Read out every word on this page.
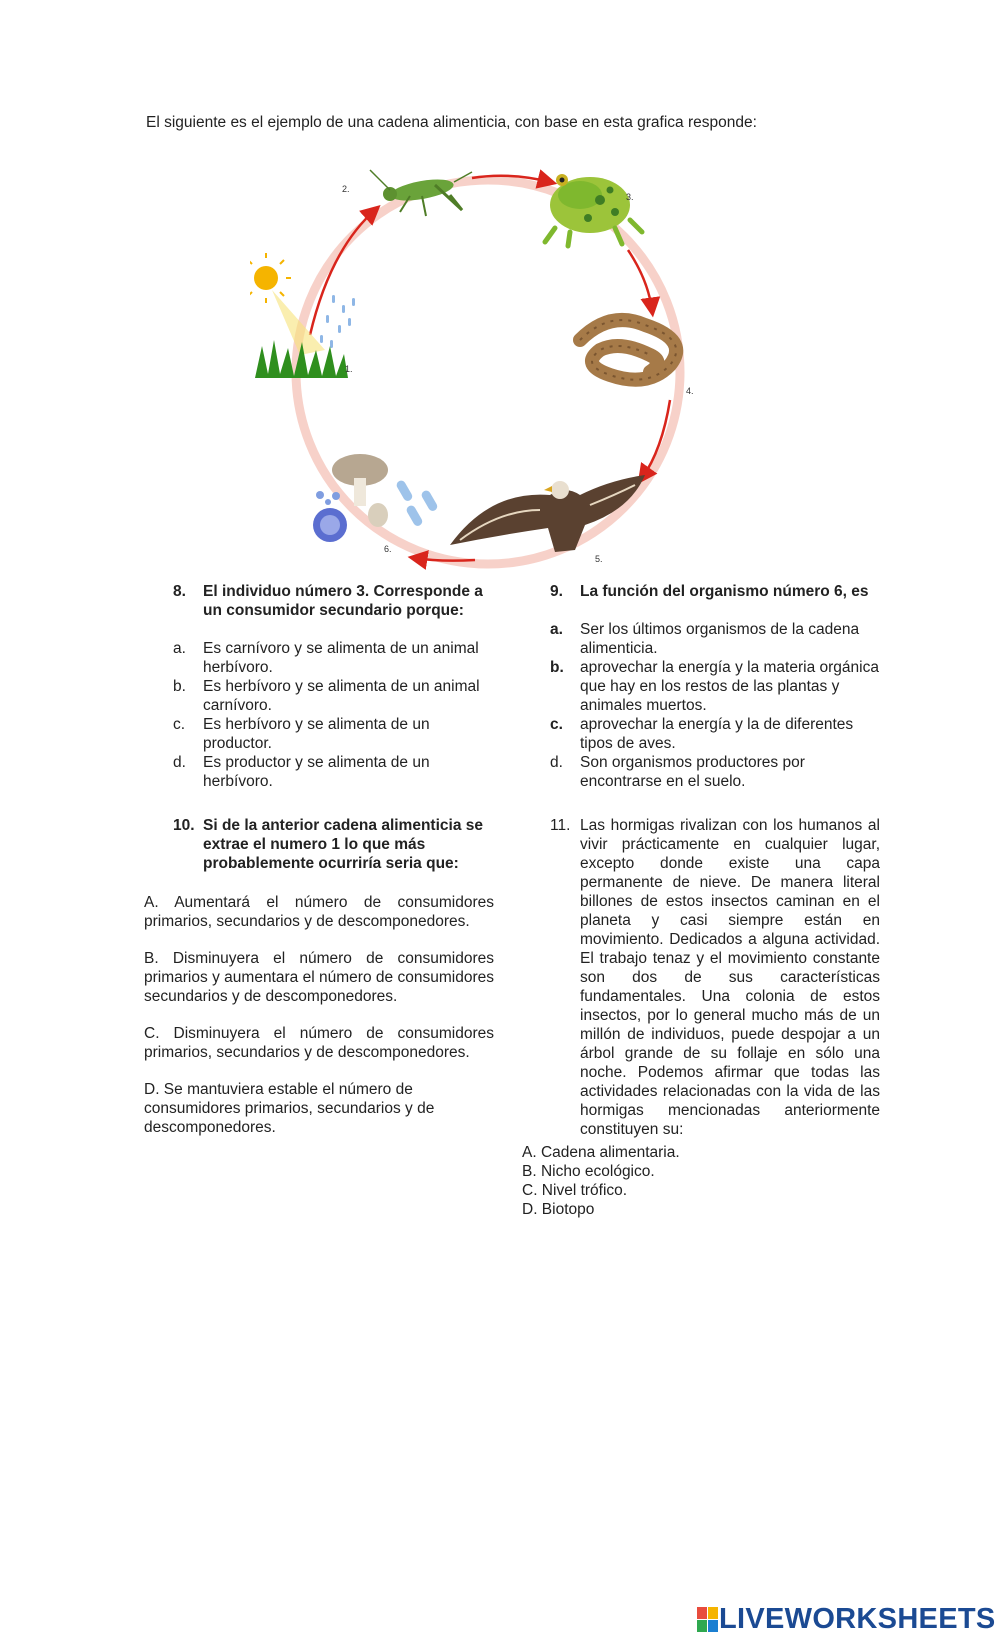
El siguiente es el ejemplo de una cadena alimenticia, con base en esta grafica responde:
1.
2.
3.
4.
5.
6.
8.	El individuo número 3. Corresponde a un consumidor secundario porque:
a.	Es carnívoro y se alimenta de un animal herbívoro.
b.	Es herbívoro y se alimenta de un animal carnívoro.
c.	Es herbívoro y se alimenta de un productor.
d.	Es productor y se alimenta de un herbívoro.
9.	La función del organismo número 6, es
a.	Ser los últimos organismos de la cadena alimenticia.
b.	aprovechar la energía y la materia orgánica que hay en los restos de las plantas y animales muertos.
c.	aprovechar la energía y la de diferentes tipos de aves.
d.	Son organismos productores por encontrarse en el suelo.
10. Si de la anterior cadena alimenticia se extrae el numero 1 lo que más probablemente ocurriría seria que:

A. Aumentará el número de consumidores primarios, secundarios y de descomponedores.

B. Disminuyera el número de consumidores primarios y aumentara el número de consumidores secundarios y de descomponedores.

C. Disminuyera el número de consumidores primarios, secundarios y de descomponedores.

D. Se mantuviera estable el número de consumidores primarios, secundarios y de descomponedores.

11. Las hormigas rivalizan con los humanos al vivir prácticamente en cualquier lugar, excepto donde existe una capa permanente de nieve. De manera literal billones de estos insectos caminan en el planeta y casi siempre están en movimiento. Dedicados a alguna actividad. El trabajo tenaz y el movimiento constante son dos de sus características fundamentales. Una colonia de estos insectos, por lo general mucho más de un millón de individuos, puede despojar a un árbol grande de su follaje en sólo una noche. Podemos afirmar que todas las actividades relacionadas con la vida de las hormigas mencionadas anteriormente constituyen su:
A. Cadena alimentaria.
B. Nicho ecológico.
C. Nivel trófico.
D. Biotopo
LIVEWORKSHEETS
